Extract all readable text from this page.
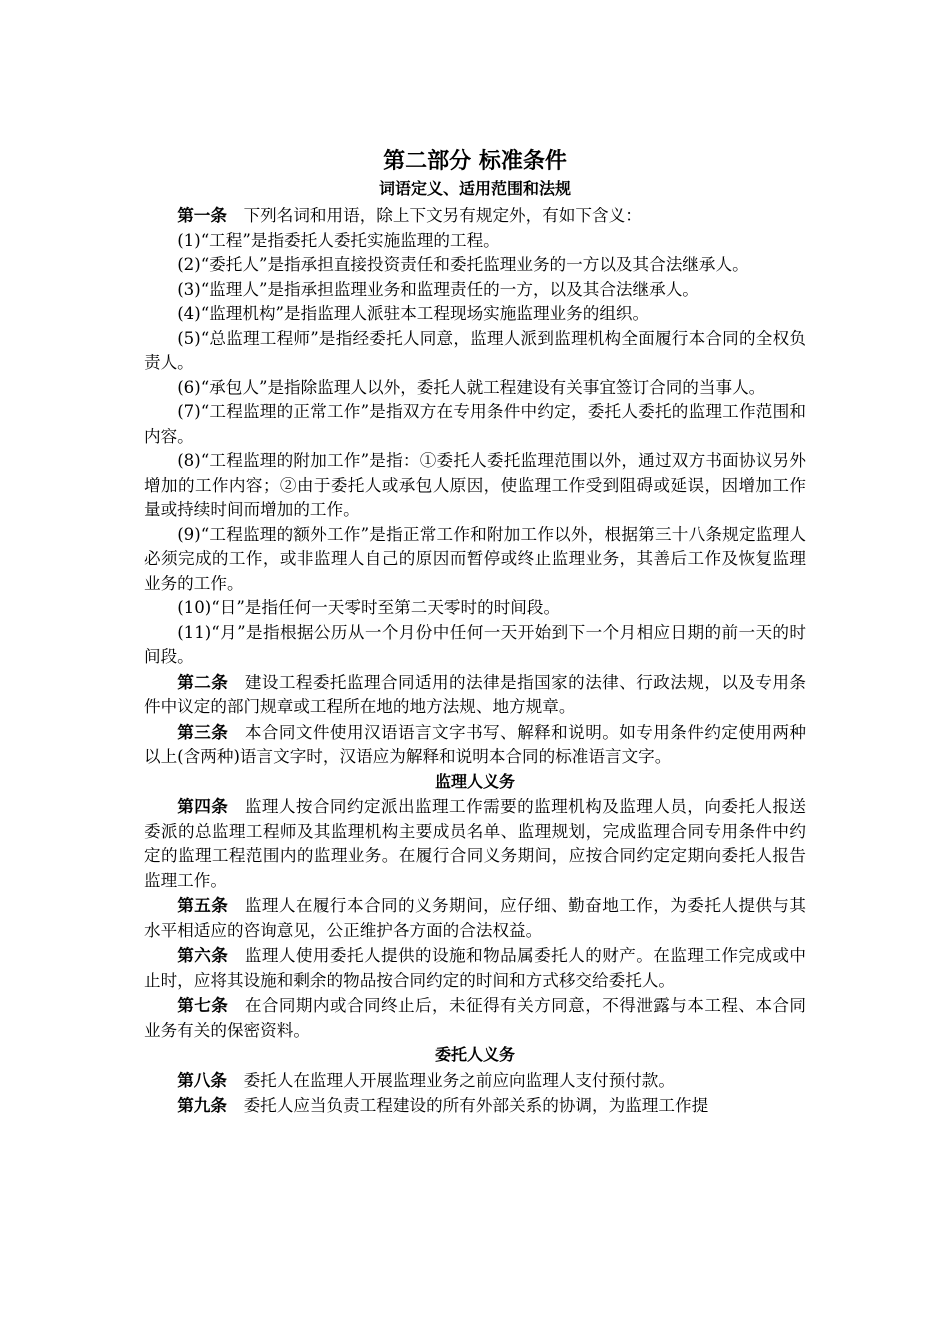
第二部分 标准条件
词语定义、适用范围和法规

第一条 下列名词和用语，除上下文另有规定外，有如下含义：

(1)“工程”是指委托人委托实施监理的工程。

(2)“委托人”是指承担直接投资责任和委托监理业务的一方以及其合法继承人。

(3)“监理人”是指承担监理业务和监理责任的一方，以及其合法继承人。

(4)“监理机构”是指监理人派驻本工程现场实施监理业务的组织。

(5)“总监理工程师”是指经委托人同意，监理人派到监理机构全面履行本合同的全权负责人。

(6)“承包人”是指除监理人以外，委托人就工程建设有关事宜签订合同的当事人。

(7)“工程监理的正常工作”是指双方在专用条件中约定，委托人委托的监理工作范围和内容。

(8)“工程监理的附加工作”是指：①委托人委托监理范围以外，通过双方书面协议另外增加的工作内容；②由于委托人或承包人原因，使监理工作受到阻碍或延误，因增加工作量或持续时间而增加的工作。

(9)“工程监理的额外工作”是指正常工作和附加工作以外，根据第三十八条规定监理人必须完成的工作，或非监理人自己的原因而暂停或终止监理业务，其善后工作及恢复监理业务的工作。

(10)“日”是指任何一天零时至第二天零时的时间段。

(11)“月”是指根据公历从一个月份中任何一天开始到下一个月相应日期的前一天的时间段。

第二条 建设工程委托监理合同适用的法律是指国家的法律、行政法规，以及专用条件中议定的部门规章或工程所在地的地方法规、地方规章。

第三条 本合同文件使用汉语语言文字书写、解释和说明。如专用条件约定使用两种以上(含两种)语言文字时，汉语应为解释和说明本合同的标准语言文字。

监理人义务

第四条 监理人按合同约定派出监理工作需要的监理机构及监理人员，向委托人报送委派的总监理工程师及其监理机构主要成员名单、监理规划，完成监理合同专用条件中约定的监理工程范围内的监理业务。在履行合同义务期间，应按合同约定定期向委托人报告监理工作。

第五条 监理人在履行本合同的义务期间，应仔细、勤奋地工作，为委托人提供与其水平相适应的咨询意见，公正维护各方面的合法权益。

第六条 监理人使用委托人提供的设施和物品属委托人的财产。在监理工作完成或中止时，应将其设施和剩余的物品按合同约定的时间和方式移交给委托人。

第七条 在合同期内或合同终止后，未征得有关方同意，不得泄露与本工程、本合同业务有关的保密资料。

委托人义务

第八条 委托人在监理人开展监理业务之前应向监理人支付预付款。

第九条 委托人应当负责工程建设的所有外部关系的协调，为监理工作提
